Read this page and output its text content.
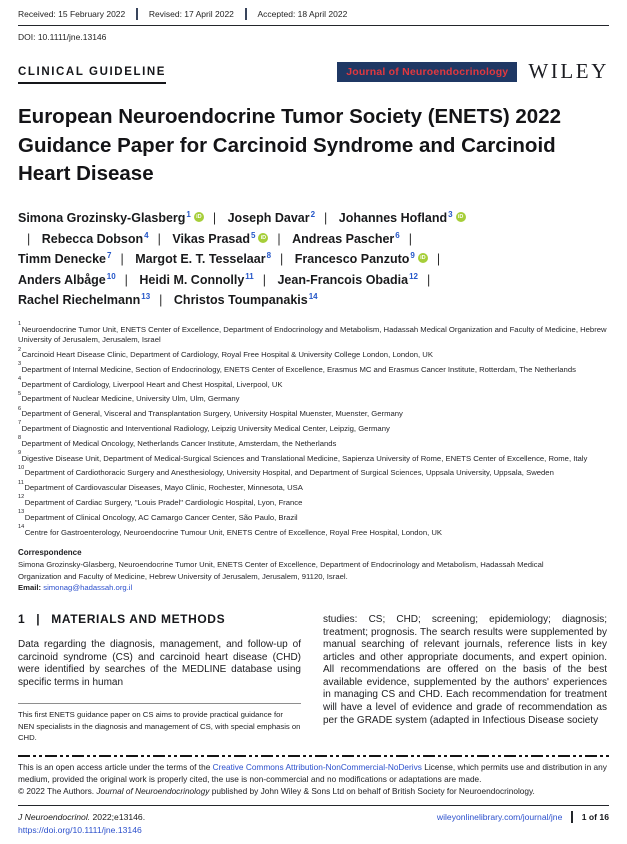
Received: 15 February 2022	Revised: 17 April 2022	Accepted: 18 April 2022
DOI: 10.1111/jne.13146
CLINICAL GUIDELINE	Journal of Neuroendocrinology WILEY
European Neuroendocrine Tumor Society (ENETS) 2022 Guidance Paper for Carcinoid Syndrome and Carcinoid Heart Disease
Simona Grozinsky-Glasberg$^1$ iD | Joseph Davar$^2$ | Johannes Hofland$^3$ iD| Rebecca Dobson$^4$ | Vikas Prasad$^5$ iD | Andreas Pascher$^6$ | Timm Denecke$^7$ | Margot E. T. Tesselaar$^8$ | Francesco Panzuto$^9$ iD | Anders Albåge$^{10}$ | Heidi M. Connolly$^{11}$ | Jean-Francois Obadia$^{12}$ | Rachel Riechelmann$^{13}$ | Christos Toumpanakis$^{14}$
$^1$Neuroendocrine Tumor Unit, ENETS Center of Excellence, Department of Endocrinology and Metabolism, Hadassah Medical Organization and Faculty of Medicine, Hebrew University of Jerusalem, Jerusalem, Israel
$^2$Carcinoid Heart Disease Clinic, Department of Cardiology, Royal Free Hospital & University College London, London, UK
$^3$Department of Internal Medicine, Section of Endocrinology, ENETS Center of Excellence, Erasmus MC and Erasmus Cancer Institute, Rotterdam, The Netherlands
$^4$Department of Cardiology, Liverpool Heart and Chest Hospital, Liverpool, UK
$^5$Department of Nuclear Medicine, University Ulm, Ulm, Germany
$^6$Department of General, Visceral and Transplantation Surgery, University Hospital Muenster, Muenster, Germany
$^7$Department of Diagnostic and Interventional Radiology, Leipzig University Medical Center, Leipzig, Germany
$^8$Department of Medical Oncology, Netherlands Cancer Institute, Amsterdam, the Netherlands
$^9$Digestive Disease Unit, Department of Medical-Surgical Sciences and Translational Medicine, Sapienza University of Rome, ENETS Center of Excellence, Rome, Italy
$^{10}$Department of Cardiothoracic Surgery and Anesthesiology, University Hospital, and Department of Surgical Sciences, Uppsala University, Uppsala, Sweden
$^{11}$Department of Cardiovascular Diseases, Mayo Clinic, Rochester, Minnesota, USA
$^{12}$Department of Cardiac Surgery, "Louis Pradel" Cardiologic Hospital, Lyon, France
$^{13}$Department of Clinical Oncology, AC Camargo Cancer Center, São Paulo, Brazil
$^{14}$Centre for Gastroenterology, Neuroendocrine Tumour Unit, ENETS Centre of Excellence, Royal Free Hospital, London, UK
Correspondence
Simona Grozinsky-Glasberg, Neuroendocrine Tumor Unit, ENETS Center of Excellence, Department of Endocrinology and Metabolism, Hadassah Medical Organization and Faculty of Medicine, Hebrew University of Jerusalem, Jerusalem, 91120, Israel.
Email: simonag@hadassah.org.il
1 | MATERIALS AND METHODS

Data regarding the diagnosis, management, and follow-up of carcinoid syndrome (CS) and carcinoid heart disease (CHD) were identified by searches of the MEDLINE database using specific terms in human

This first ENETS guidance paper on CS aims to provide practical guidance for NEN specialists in the diagnosis and management of CS, with special emphasis on CHD.

studies: CS; CHD; screening; epidemiology; diagnosis; treatment; prognosis. The search results were supplemented by manual searching of relevant journals, reference lists in key articles and other appropriate documents, and expert opinion. All recommendations are offered on the basis of the best available evidence, supplemented by the authors' experiences in managing CS and CHD. Each recommendation for treatment will have a level of evidence and grade of recommendation as per the GRADE system (adapted in Infectious Disease society

This is an open access article under the terms of the Creative Commons Attribution-NonCommercial-NoDerivs License, which permits use and distribution in any medium, provided the original work is properly cited, the use is non-commercial and no modifications or adaptations are made.
© 2022 The Authors. Journal of Neuroendocrinology published by John Wiley & Sons Ltd on behalf of British Society for Neuroendocrinology.
J Neuroendocrinol. 2022;e13146.
https://doi.org/10.1111/jne.13146
wileyonlinelibrary.com/journal/jne 1 of 16
